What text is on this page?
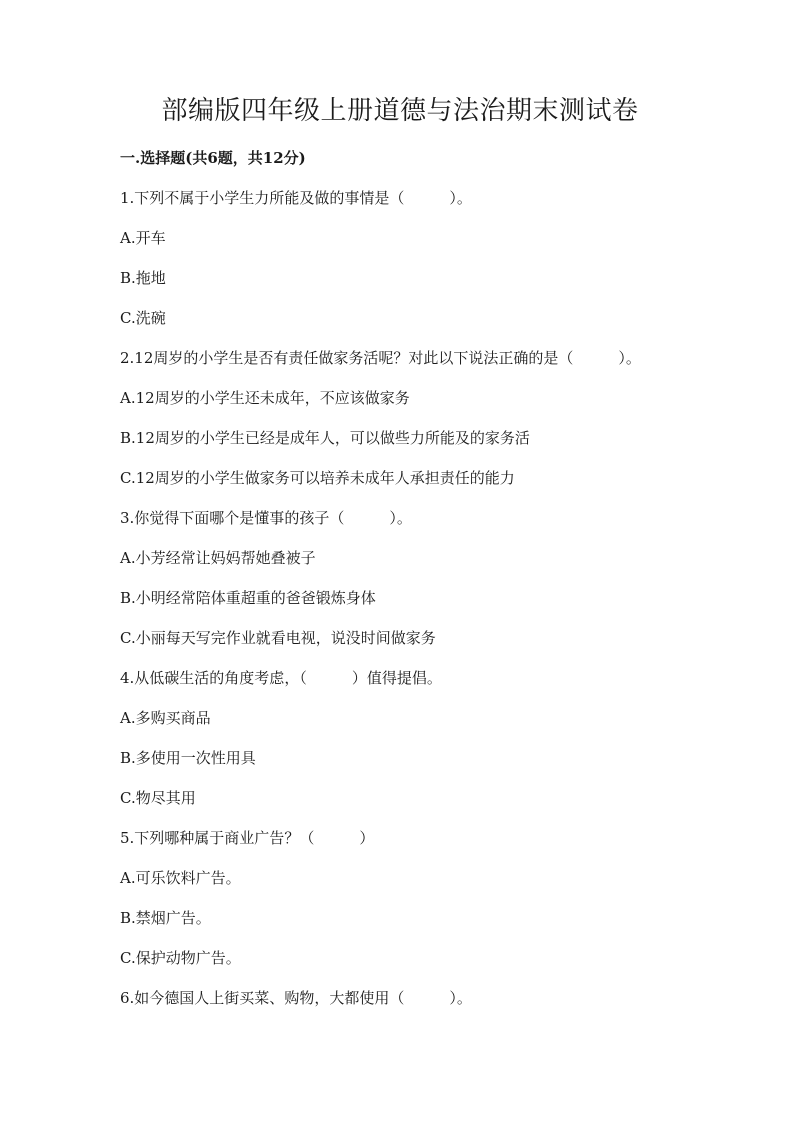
部编版四年级上册道德与法治期末测试卷
一.选择题(共6题，共12分)

1.下列不属于小学生力所能及做的事情是（　　　）。

A.开车

B.拖地

C.洗碗

2.12周岁的小学生是否有责任做家务活呢？对此以下说法正确的是（　　　）。

A.12周岁的小学生还未成年，不应该做家务

B.12周岁的小学生已经是成年人，可以做些力所能及的家务活

C.12周岁的小学生做家务可以培养未成年人承担责任的能力

3.你觉得下面哪个是懂事的孩子（　　　）。

A.小芳经常让妈妈帮她叠被子

B.小明经常陪体重超重的爸爸锻炼身体

C.小丽每天写完作业就看电视，说没时间做家务

4.从低碳生活的角度考虑，（　　　）值得提倡。

A.多购买商品

B.多使用一次性用具

C.物尽其用

5.下列哪种属于商业广告？（　　　）

A.可乐饮料广告。

B.禁烟广告。

C.保护动物广告。

6.如今德国人上街买菜、购物，大都使用（　　　）。
